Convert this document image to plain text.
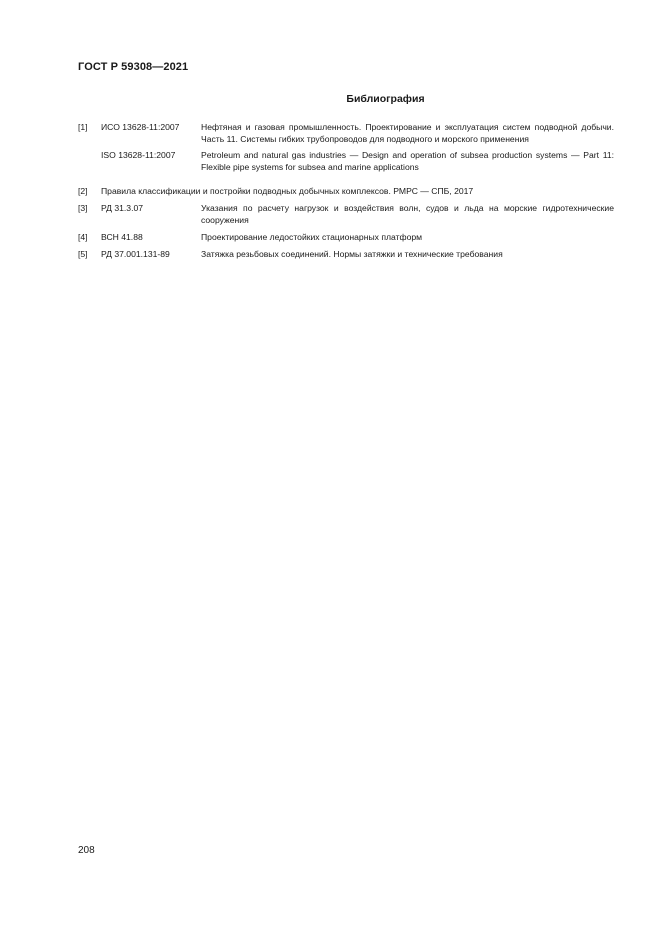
ГОСТ Р 59308—2021
Библиография
[1]	ИСО 13628-11:2007	Нефтяная и газовая промышленность. Проектирование и эксплуатация систем подводной добычи. Часть 11. Системы гибких трубопроводов для подводного и морского применения
ISO 13628-11:2007	Petroleum and natural gas industries — Design and operation of subsea production systems — Part 11: Flexible pipe systems for subsea and marine applications
[2]	Правила классификации и постройки подводных добычных комплексов. РМРС — СПБ, 2017
[3]	РД 31.3.07	Указания по расчету нагрузок и воздействия волн, судов и льда на морские гидротехнические сооружения
[4]	ВСН 41.88	Проектирование ледостойких стационарных платформ
[5]	РД 37.001.131-89	Затяжка резьбовых соединений. Нормы затяжки и технические требования
208
